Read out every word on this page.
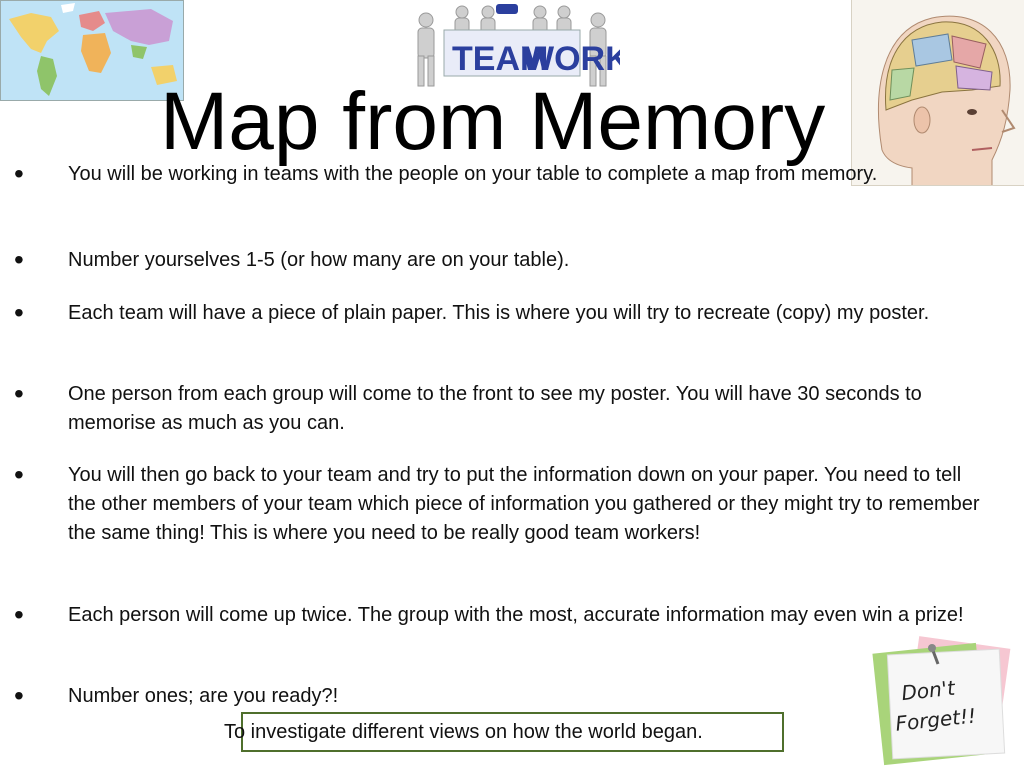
TEAM
WORK
Map from Memory
• You will be working in teams with the people on your table to complete a map from memory.
• Number yourselves 1-5 (or how many are on your table).
• Each team will have a piece of plain paper. This is where you will try to recreate (copy) my poster.
• One person from each group will come to the front to see my poster. You will have 30 seconds to memorise as much as you can.
• You will then go back to your team and try to put the information down on your paper. You need to tell the other members of your team which piece of information you gathered or they might try to remember the same thing! This is where you need to be really good team workers!
• Each person will come up twice. The group with the most, accurate information may even win a prize!
• Number ones; are you ready?!
To investigate different views on how the world began.
Don't
Forget!!
